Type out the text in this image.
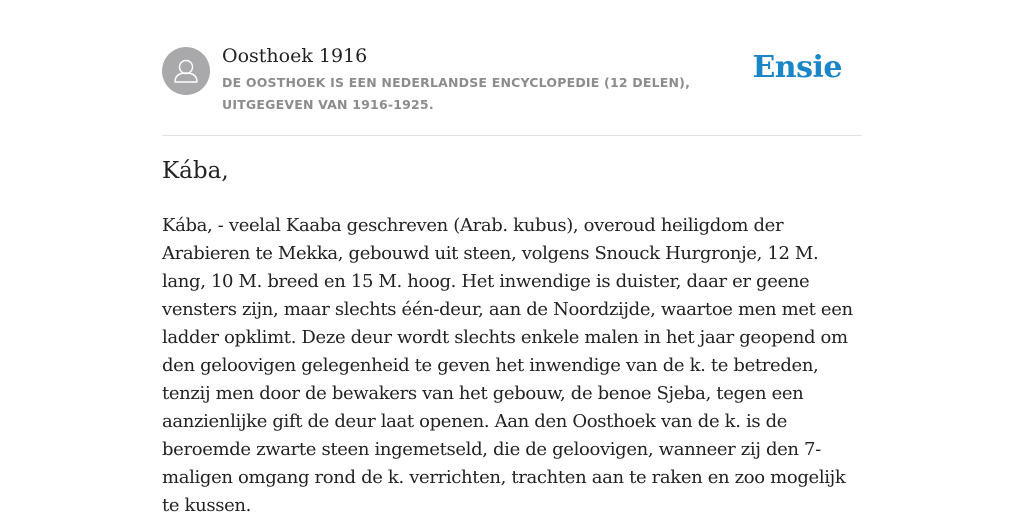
Oosthoek 1916
DE OOSTHOEK IS EEN NEDERLANDSE ENCYCLOPEDIE (12 DELEN), UITGEGEVEN VAN 1916-1925.
Ensie
Kába,

Kába, - veelal Kaaba geschreven (Arab. kubus), overoud heiligdom der Arabieren te Mekka, gebouwd uit steen, volgens Snouck Hurgronje, 12 M. lang, 10 M. breed en 15 M. hoog. Het inwendige is duister, daar er geene vensters zijn, maar slechts één-deur, aan de Noordzijde, waartoe men met een ladder opklimt. Deze deur wordt slechts enkele malen in het jaar geopend om den geloovigen gelegenheid te geven het inwendige van de k. te betreden, tenzij men door de bewakers van het gebouw, de benoe Sjeba, tegen een aanzienlijke gift de deur laat openen. Aan den Oosthoek van de k. is de beroemde zwarte steen ingemetseld, die de geloovigen, wanneer zij den 7-maligen omgang rond de k. verrichten, trachten aan te raken en zoo mogelijk te kussen.
